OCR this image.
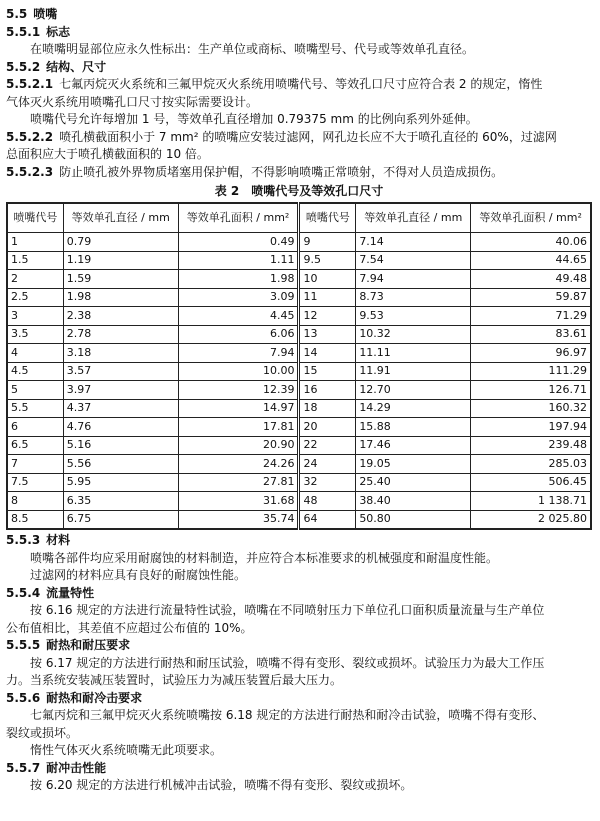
5.5 喷嘴
5.5.1 标志
在喷嘴明显部位应永久性标出：生产单位或商标、喷嘴型号、代号或等效单孔直径。
5.5.2 结构、尺寸
5.5.2.1 七氟丙烷灭火系统和三氟甲烷灭火系统用喷嘴代号、等效孔口尺寸应符合表 2 的规定，惰性
气体灭火系统用喷嘴孔口尺寸按实际需要设计。
喷嘴代号允许每增加 1 号，等效单孔直径增加 0.79375 mm 的比例向系列外延伸。
5.5.2.2 喷孔横截面积小于 7 mm² 的喷嘴应安装过滤网，网孔边长应不大于喷孔直径的 60%，过滤网
总面积应大于喷孔横截面积的 10 倍。
5.5.2.3 防止喷孔被外界物质堵塞用保护帽，不得影响喷嘴正常喷射，不得对人员造成损伤。
表 2　喷嘴代号及等效孔口尺寸
喷嘴代号	等效单孔直径 / mm	等效单孔面积 / mm²	喷嘴代号	等效单孔直径 / mm	等效单孔面积 / mm²
1	0.79	0.49	9	7.14	40.06
1.5	1.19	1.11	9.5	7.54	44.65
2	1.59	1.98	10	7.94	49.48
2.5	1.98	3.09	11	8.73	59.87
3	2.38	4.45	12	9.53	71.29
3.5	2.78	6.06	13	10.32	83.61
4	3.18	7.94	14	11.11	96.97
4.5	3.57	10.00	15	11.91	111.29
5	3.97	12.39	16	12.70	126.71
5.5	4.37	14.97	18	14.29	160.32
6	4.76	17.81	20	15.88	197.94
6.5	5.16	20.90	22	17.46	239.48
7	5.56	24.26	24	19.05	285.03
7.5	5.95	27.81	32	25.40	506.45
8	6.35	31.68	48	38.40	1 138.71
8.5	6.75	35.74	64	50.80	2 025.80
5.5.3 材料
喷嘴各部件均应采用耐腐蚀的材料制造，并应符合本标准要求的机械强度和耐温度性能。
过滤网的材料应具有良好的耐腐蚀性能。
5.5.4 流量特性
按 6.16 规定的方法进行流量特性试验，喷嘴在不同喷射压力下单位孔口面积质量流量与生产单位
公布值相比，其差值不应超过公布值的 10%。
5.5.5 耐热和耐压要求
按 6.17 规定的方法进行耐热和耐压试验，喷嘴不得有变形、裂纹或损坏。试验压力为最大工作压
力。当系统安装减压装置时，试验压力为减压装置后最大压力。
5.5.6 耐热和耐冷击要求
七氟丙烷和三氟甲烷灭火系统喷嘴按 6.18 规定的方法进行耐热和耐冷击试验，喷嘴不得有变形、
裂纹或损坏。
惰性气体灭火系统喷嘴无此项要求。
5.5.7 耐冲击性能
按 6.20 规定的方法进行机械冲击试验，喷嘴不得有变形、裂纹或损坏。
